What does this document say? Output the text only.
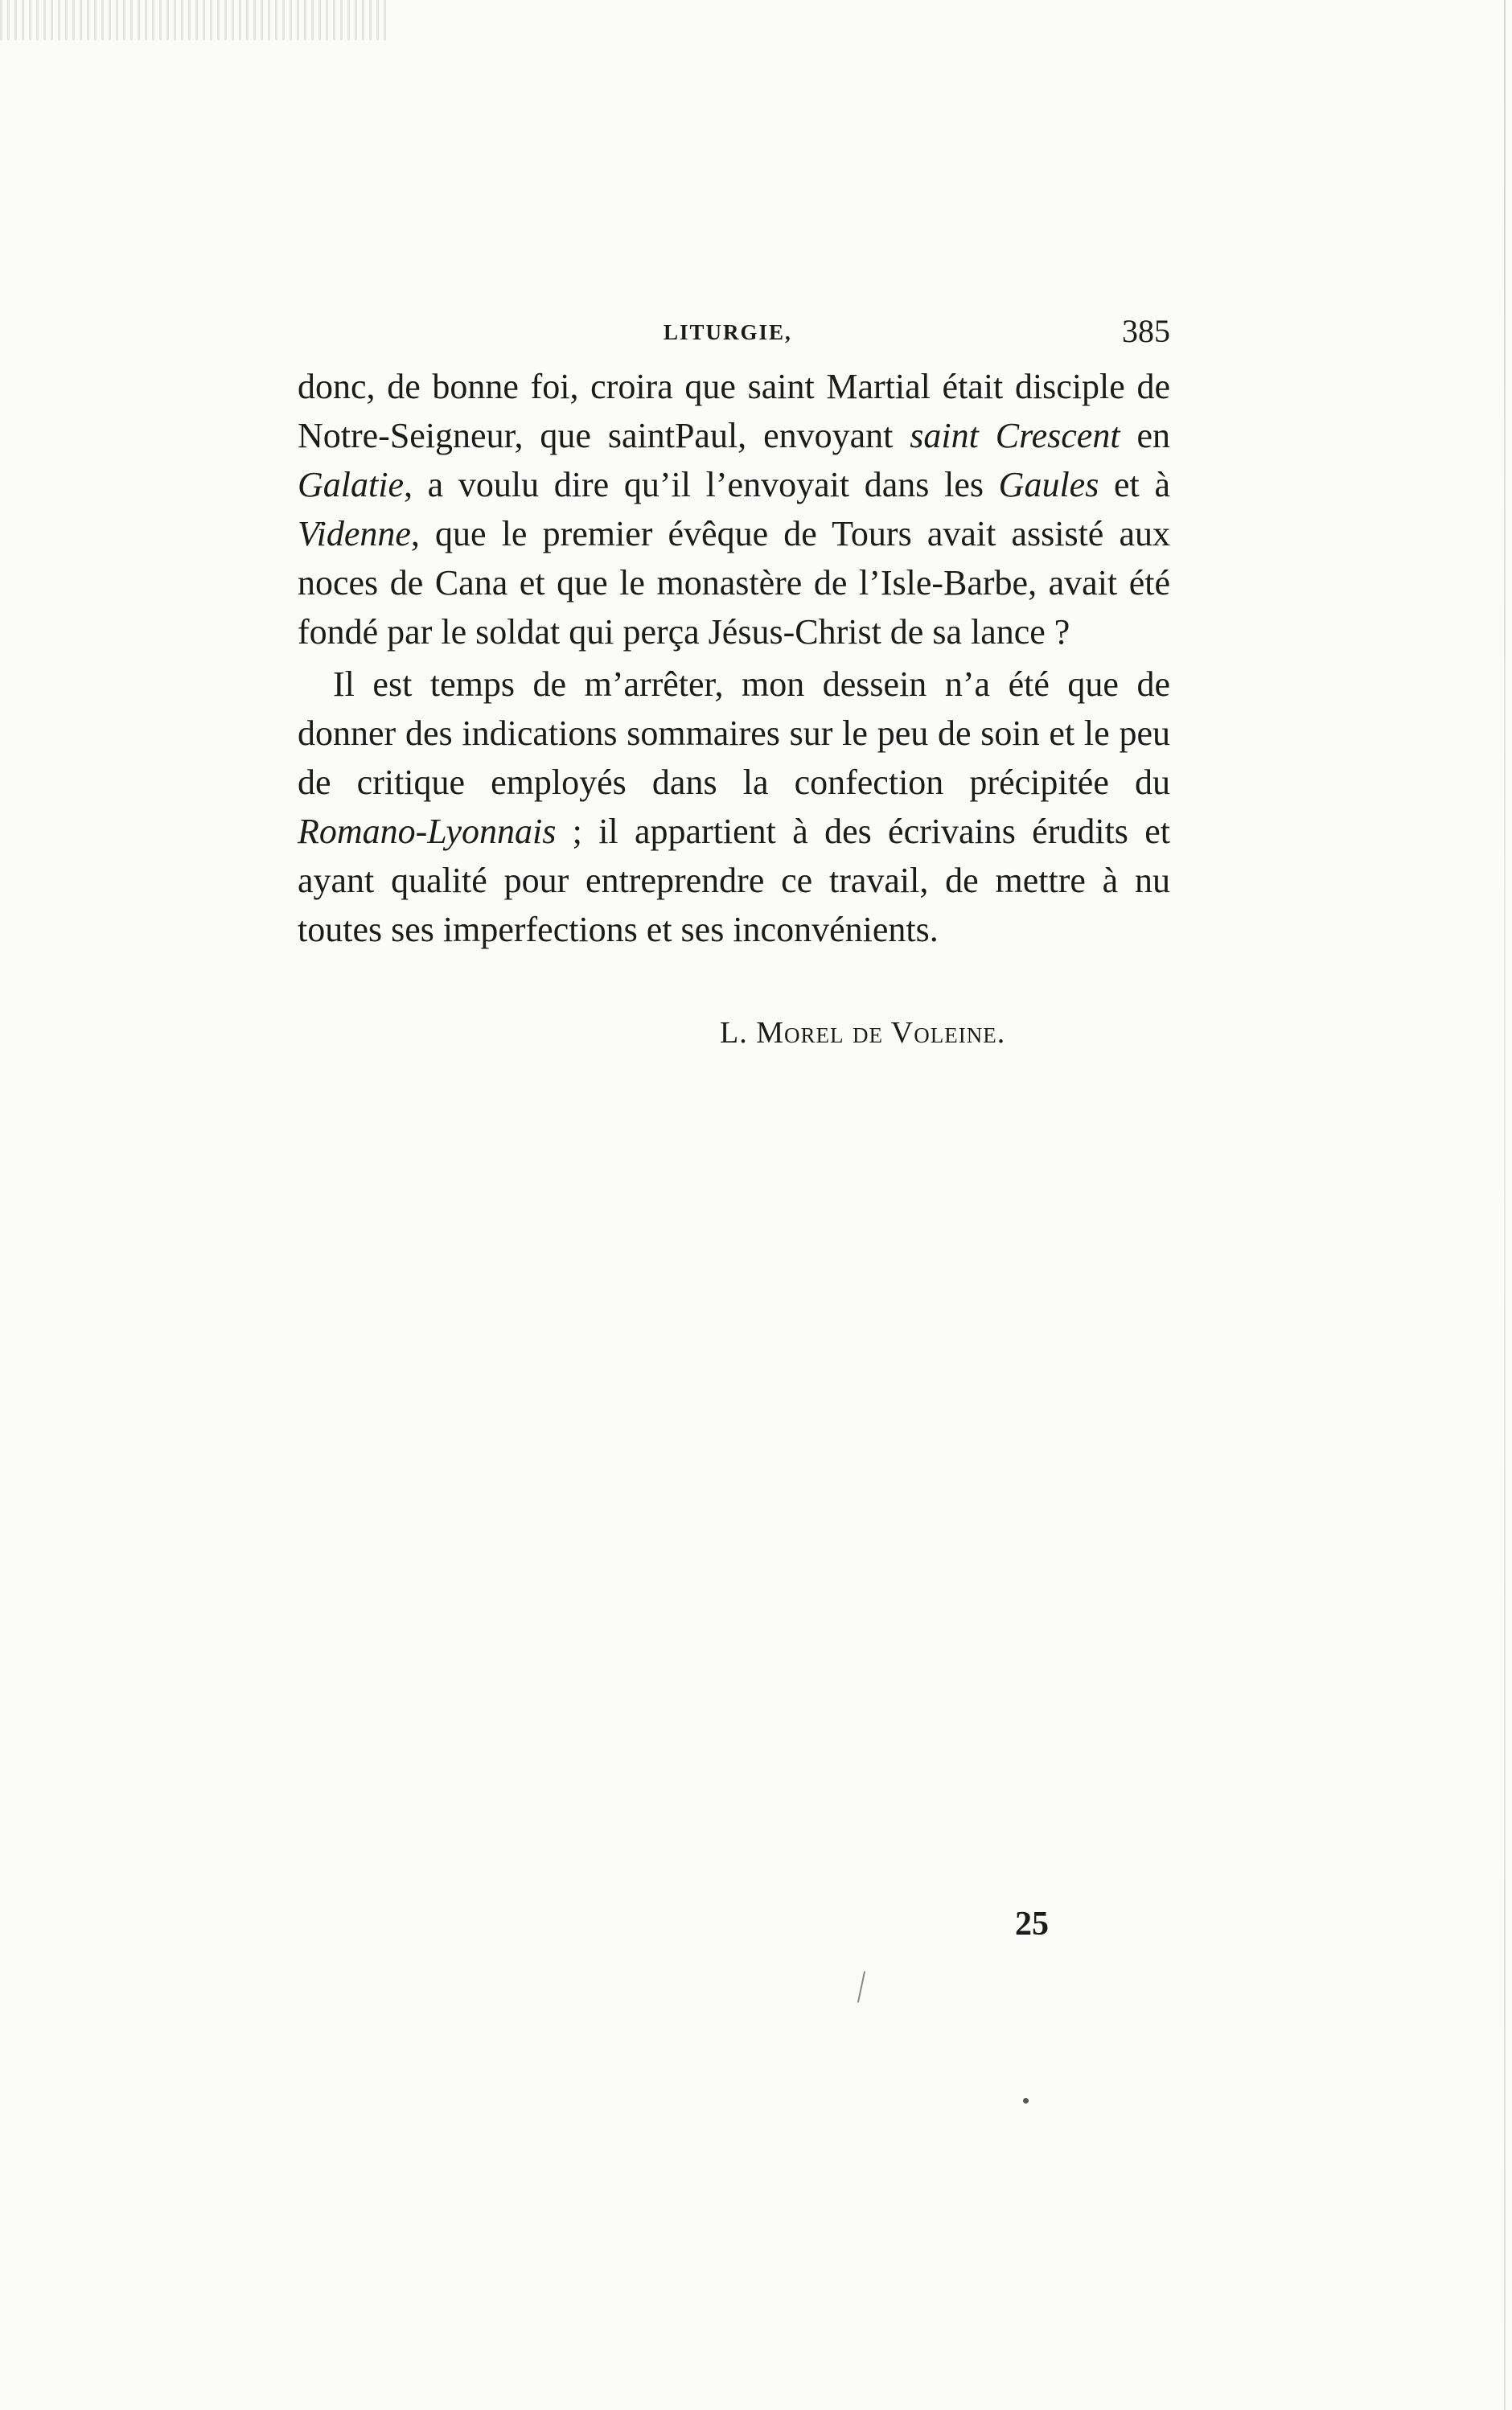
LITURGIE,	385

donc, de bonne foi, croira que saint Martial était disciple de Notre-Seigneur, que saintPaul, envoyant saint Crescent en Galatie, a voulu dire qu’il l’envoyait dans les Gaules et à Videnne, que le premier évêque de Tours avait assisté aux noces de Cana et que le monastère de l’Isle-Barbe, avait été fondé par le soldat qui perça Jésus-Christ de sa lance ?

Il est temps de m’arrêter, mon dessein n’a été que de donner des indications sommaires sur le peu de soin et le peu de critique employés dans la confection précipitée du Romano-Lyonnais ; il appartient à des écrivains érudits et ayant qualité pour entreprendre ce travail, de mettre à nu toutes ses imperfections et ses inconvénients.

L. Morel de Voleine.
25
